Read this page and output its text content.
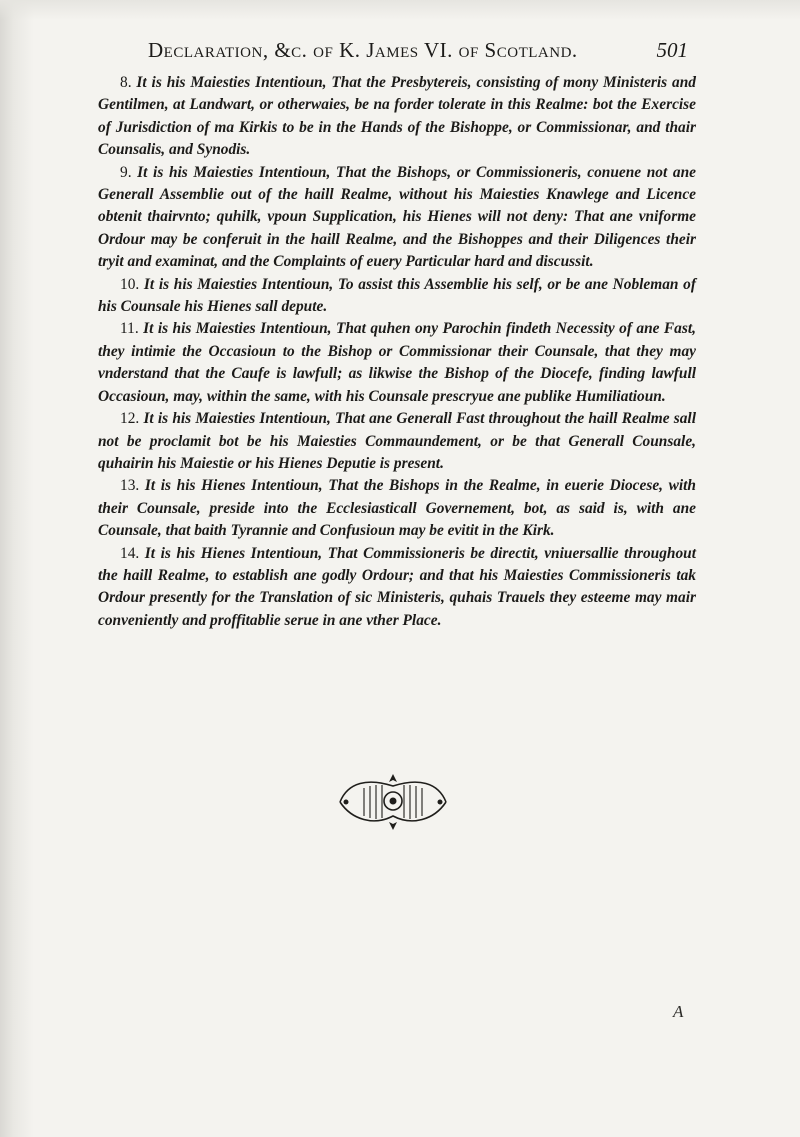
Declaration, &c. of K. James VI. of Scotland.	501

8. It is his Maiesties Intentioun, That the Presbytereis, consisting of mony Ministeris and Gentilmen, at Landwart, or otherwaies, be na forder tolerate in this Realme: bot the Exercise of Jurisdiction of ma Kirkis to be in the Hands of the Bishoppe, or Commissionar, and thair Counsalis, and Synodis.

9. It is his Maiesties Intentioun, That the Bishops, or Commissioneris, conuene not ane Generall Assemblie out of the haill Realme, without his Maiesties Knawlege and Licence obtenit thairvnto; quhilk, vpoun Supplication, his Hienes will not deny: That ane vniforme Ordour may be conferuit in the haill Realme, and the Bishoppes and their Diligences their tryit and examinat, and the Complaints of euery Particular hard and discussit.

10. It is his Maiesties Intentioun, To assist this Assemblie his self, or be ane Nobleman of his Counsale his Hienes sall depute.

11. It is his Maiesties Intentioun, That quhen ony Parochin findeth Necessity of ane Fast, they intimie the Occasioun to the Bishop or Commissionar their Counsale, that they may vnderstand that the Caufe is lawfull; as likwise the Bishop of the Diocefe, finding lawfull Occasioun, may, within the same, with his Counsale prescryue ane publike Humiliatioun.

12. It is his Maiesties Intentioun, That ane Generall Fast throughout the haill Realme sall not be proclamit bot be his Maiesties Commaundement, or be that Generall Counsale, quhairin his Maiestie or his Hienes Deputie is present.

13. It is his Hienes Intentioun, That the Bishops in the Realme, in euerie Diocese, with their Counsale, preside into the Ecclesiasticall Governement, bot, as said is, with ane Counsale, that baith Tyrannie and Confusioun may be evitit in the Kirk.

14. It is his Hienes Intentioun, That Commissioneris be directit, vniuersallie throughout the haill Realme, to establish ane godly Ordour; and that his Maiesties Commissioneris tak Ordour presently for the Translation of sic Ministeris, quhais Trauels they esteeme may mair conveniently and proffitablie serue in ane vther Place.

A
